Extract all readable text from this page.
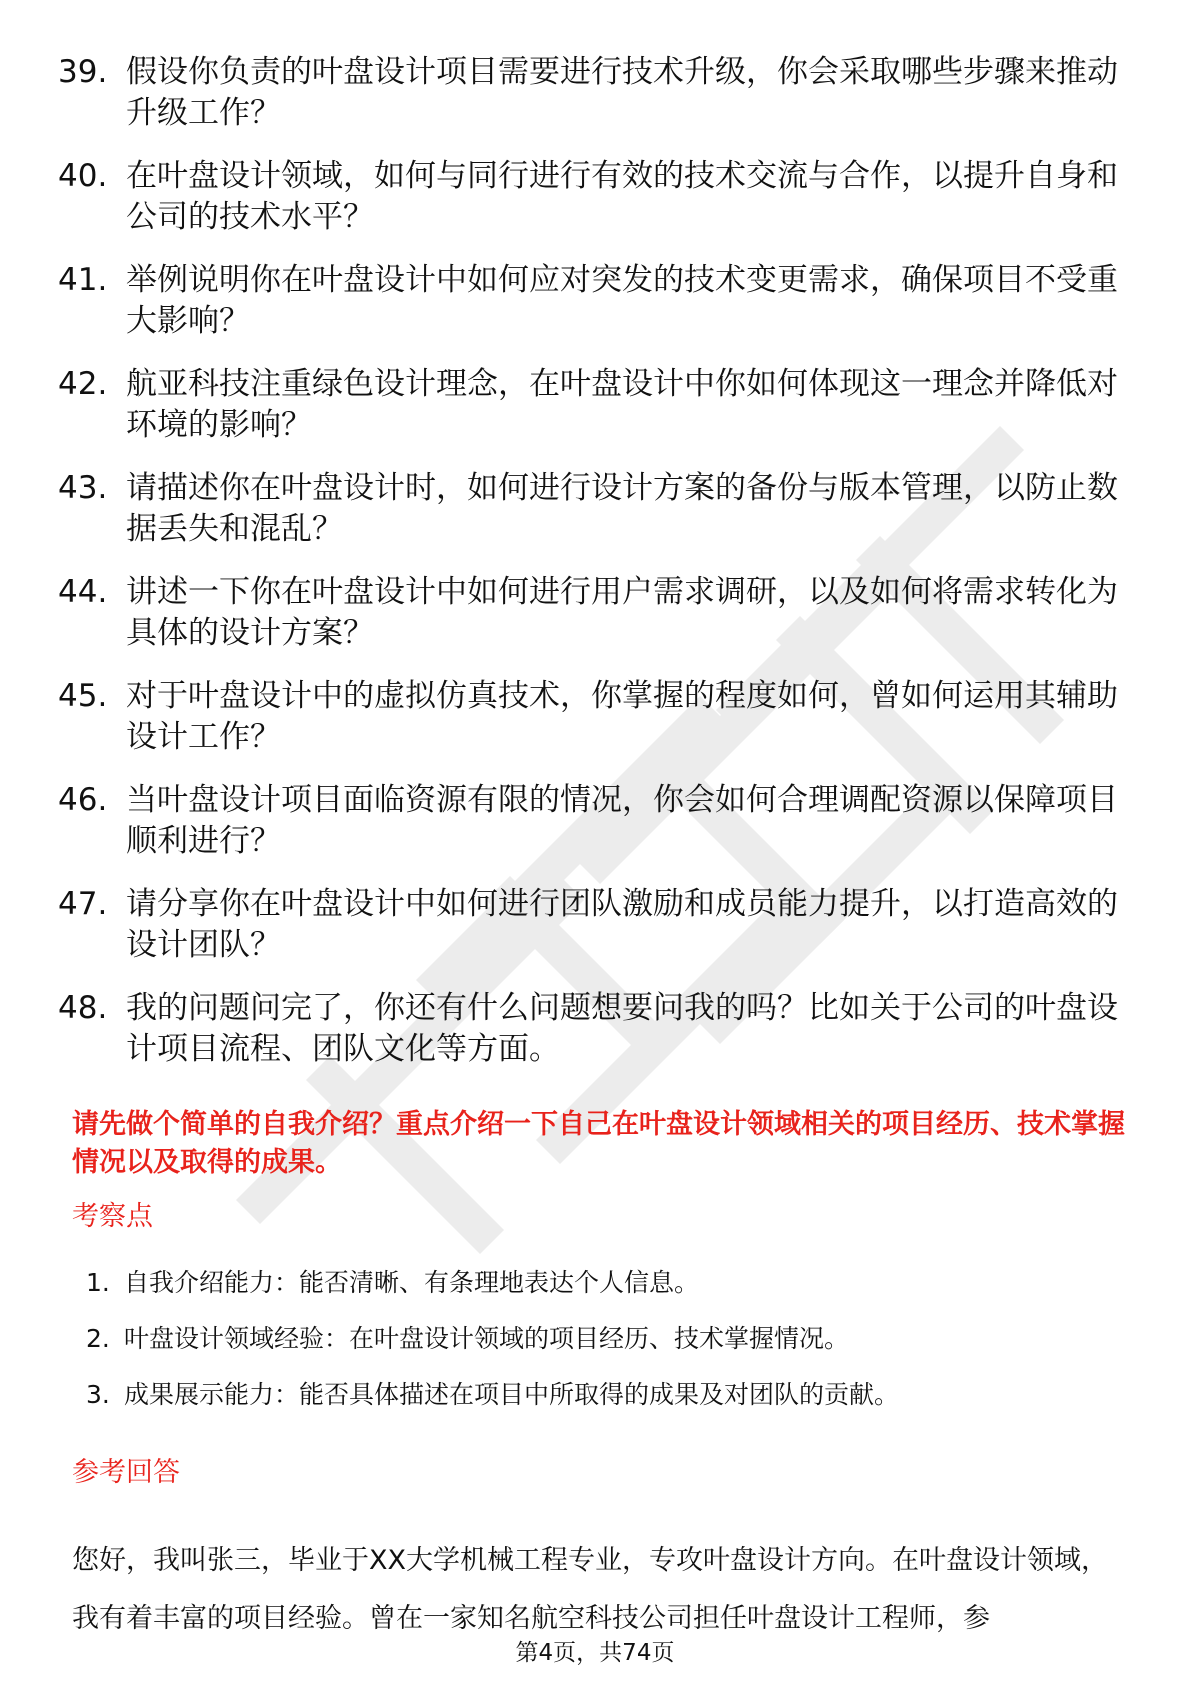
39. 假设你负责的叶盘设计项目需要进行技术升级，你会采取哪些步骤来推动升级工作？
40. 在叶盘设计领域，如何与同行进行有效的技术交流与合作，以提升自身和公司的技术水平？
41. 举例说明你在叶盘设计中如何应对突发的技术变更需求，确保项目不受重大影响？
42. 航亚科技注重绿色设计理念，在叶盘设计中你如何体现这一理念并降低对环境的影响？
43. 请描述你在叶盘设计时，如何进行设计方案的备份与版本管理，以防止数据丢失和混乱？
44. 讲述一下你在叶盘设计中如何进行用户需求调研，以及如何将需求转化为具体的设计方案？
45. 对于叶盘设计中的虚拟仿真技术，你掌握的程度如何，曾如何运用其辅助设计工作？
46. 当叶盘设计项目面临资源有限的情况，你会如何合理调配资源以保障项目顺利进行？
47. 请分享你在叶盘设计中如何进行团队激励和成员能力提升，以打造高效的设计团队？
48. 我的问题问完了，你还有什么问题想要问我的吗？比如关于公司的叶盘设计项目流程、团队文化等方面。

请先做个简单的自我介绍？重点介绍一下自己在叶盘设计领域相关的项目经历、技术掌握情况以及取得的成果。

考察点
1. 自我介绍能力：能否清晰、有条理地表达个人信息。
2. 叶盘设计领域经验：在叶盘设计领域的项目经历、技术掌握情况。
3. 成果展示能力：能否具体描述在项目中所取得的成果及对团队的贡献。
参考回答

您好，我叫张三，毕业于XX大学机械工程专业，专攻叶盘设计方向。在叶盘设计领域，我有着丰富的项目经验。曾在一家知名航空科技公司担任叶盘设计工程师，参

第4页，共74页
